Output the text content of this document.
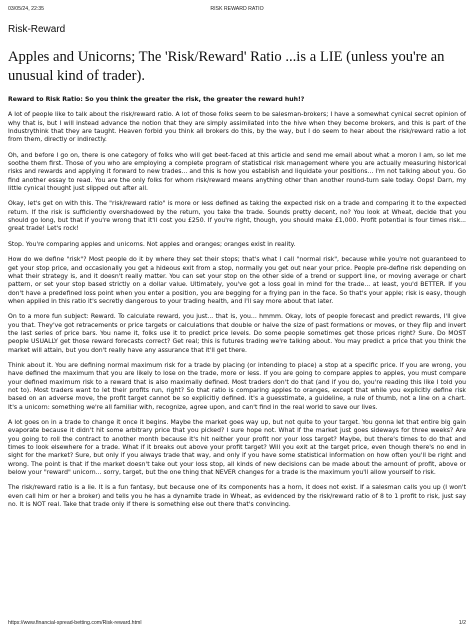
03/05/24, 22:35	RISK REWARD RATIO
Risk-Reward
Apples and Unicorns; The 'Risk/Reward' Ratio ...is a LIE (unless you're an unusual kind of trader).

Reward to Risk Ratio: So you think the greater the risk, the greater the reward huh!?

A lot of people like to talk about the risk/reward ratio. A lot of those folks seem to be salesman-brokers; I have a somewhat cynical secret opinion of why that is, but I will instead advance the notion that they are simply assimilated into the hive when they become brokers, and this is part of the Industrythink that they are taught. Heaven forbid you think all brokers do this, by the way, but I do seem to hear about the risk/reward ratio a lot from them, directly or indirectly.

Oh, and before I go on, there is one category of folks who will get beet-faced at this article and send me email about what a moron I am, so let me soothe them first. Those of you who are employing a complete program of statistical risk management where you are actually measuring historical risks and rewards and applying it forward to new trades... and this is how you establish and liquidate your positions... I'm not talking about you. Go find another essay to read. You are the only folks for whom risk/reward means anything other than another round-turn sale today. Oops! Darn, my little cynical thought just slipped out after all.

Okay, let's get on with this. The "risk/reward ratio" is more or less defined as taking the expected risk on a trade and comparing it to the expected return. If the risk is sufficiently overshadowed by the return, you take the trade. Sounds pretty decent, no? You look at Wheat, decide that you should go long, but that if you're wrong that it'll cost you £250. If you're right, though, you should make £1,000. Profit potential is four times risk... great trade! Let's rock!

Stop. You're comparing apples and unicorns. Not apples and oranges; oranges exist in reality.

How do we define "risk"? Most people do it by where they set their stops; that's what I call "normal risk", because while you're not guaranteed to get your stop price, and occasionally you get a hideous exit from a stop, normally you get out near your price. People pre-define risk depending on what their strategy is, and it doesn't really matter. You can set your stop on the other side of a trend or support line, or moving average or chart pattern, or set your stop based strictly on a dollar value. Ultimately, you've got a loss goal in mind for the trade... at least, you'd BETTER. If you don't have a predefined loss point when you enter a position, you are begging for a frying pan in the face. So that's your apple; risk is easy, though when applied in this ratio it's secretly dangerous to your trading health, and I'll say more about that later.

On to a more fun subject: Reward. To calculate reward, you just... that is, you... hmmm. Okay, lots of people forecast and predict rewards, I'll give you that. They've got retracements or price targets or calculations that double or halve the size of past formations or moves, or they flip and invert the last series of price bars. You name it, folks use it to predict price levels. Do some people sometimes get those prices right? Sure. Do MOST people USUALLY get those reward forecasts correct? Get real; this is futures trading we're talking about. You may predict a price that you think the market will attain, but you don't really have any assurance that it'll get there.

Think about it. You are defining normal maximum risk for a trade by placing (or intending to place) a stop at a specific price. If you are wrong, you have defined the maximum that you are likely to lose on the trade, more or less. If you are going to compare apples to apples, you must compare your defined maximum risk to a reward that is also maximally defined. Most traders don't do that (and if you do, you're reading this like I told you not to). Most traders want to let their profits run, right? So that ratio is comparing apples to oranges, except that while you explicitly define risk based on an adverse move, the profit target cannot be so explicitly defined. It's a guesstimate, a guideline, a rule of thumb, not a line on a chart. It's a unicorn: something we're all familiar with, recognize, agree upon, and can't find in the real world to save our lives.

A lot goes on in a trade to change it once it begins. Maybe the market goes way up, but not quite to your target. You gonna let that entire big gain evaporate because it didn't hit some arbitrary price that you picked? I sure hope not. What if the market just goes sideways for three weeks? Are you going to roll the contract to another month because it's hit neither your profit nor your loss target? Maybe, but there's times to do that and times to look elsewhere for a trade. What if it breaks out above your profit target? Will you exit at the target price, even though there's no end in sight for the market? Sure, but only if you always trade that way, and only if you have some statistical information on how often you'll be right and wrong. The point is that if the market doesn't take out your loss stop, all kinds of new decisions can be made about the amount of profit, above or below your "reward" unicorn... sorry, target, but the one thing that NEVER changes for a trade is the maximum you'll allow yourself to risk.

The risk/reward ratio is a lie. It is a fun fantasy, but because one of its components has a horn, it does not exist. If a salesman calls you up (I won't even call him or her a broker) and tells you he has a dynamite trade in Wheat, as evidenced by the risk/reward ratio of 8 to 1 profit to risk, just say no. It is NOT real. Take that trade only if there is something else out there that's convincing.

https://www.financial-spread-betting.com/Risk-reward.html	1/2
